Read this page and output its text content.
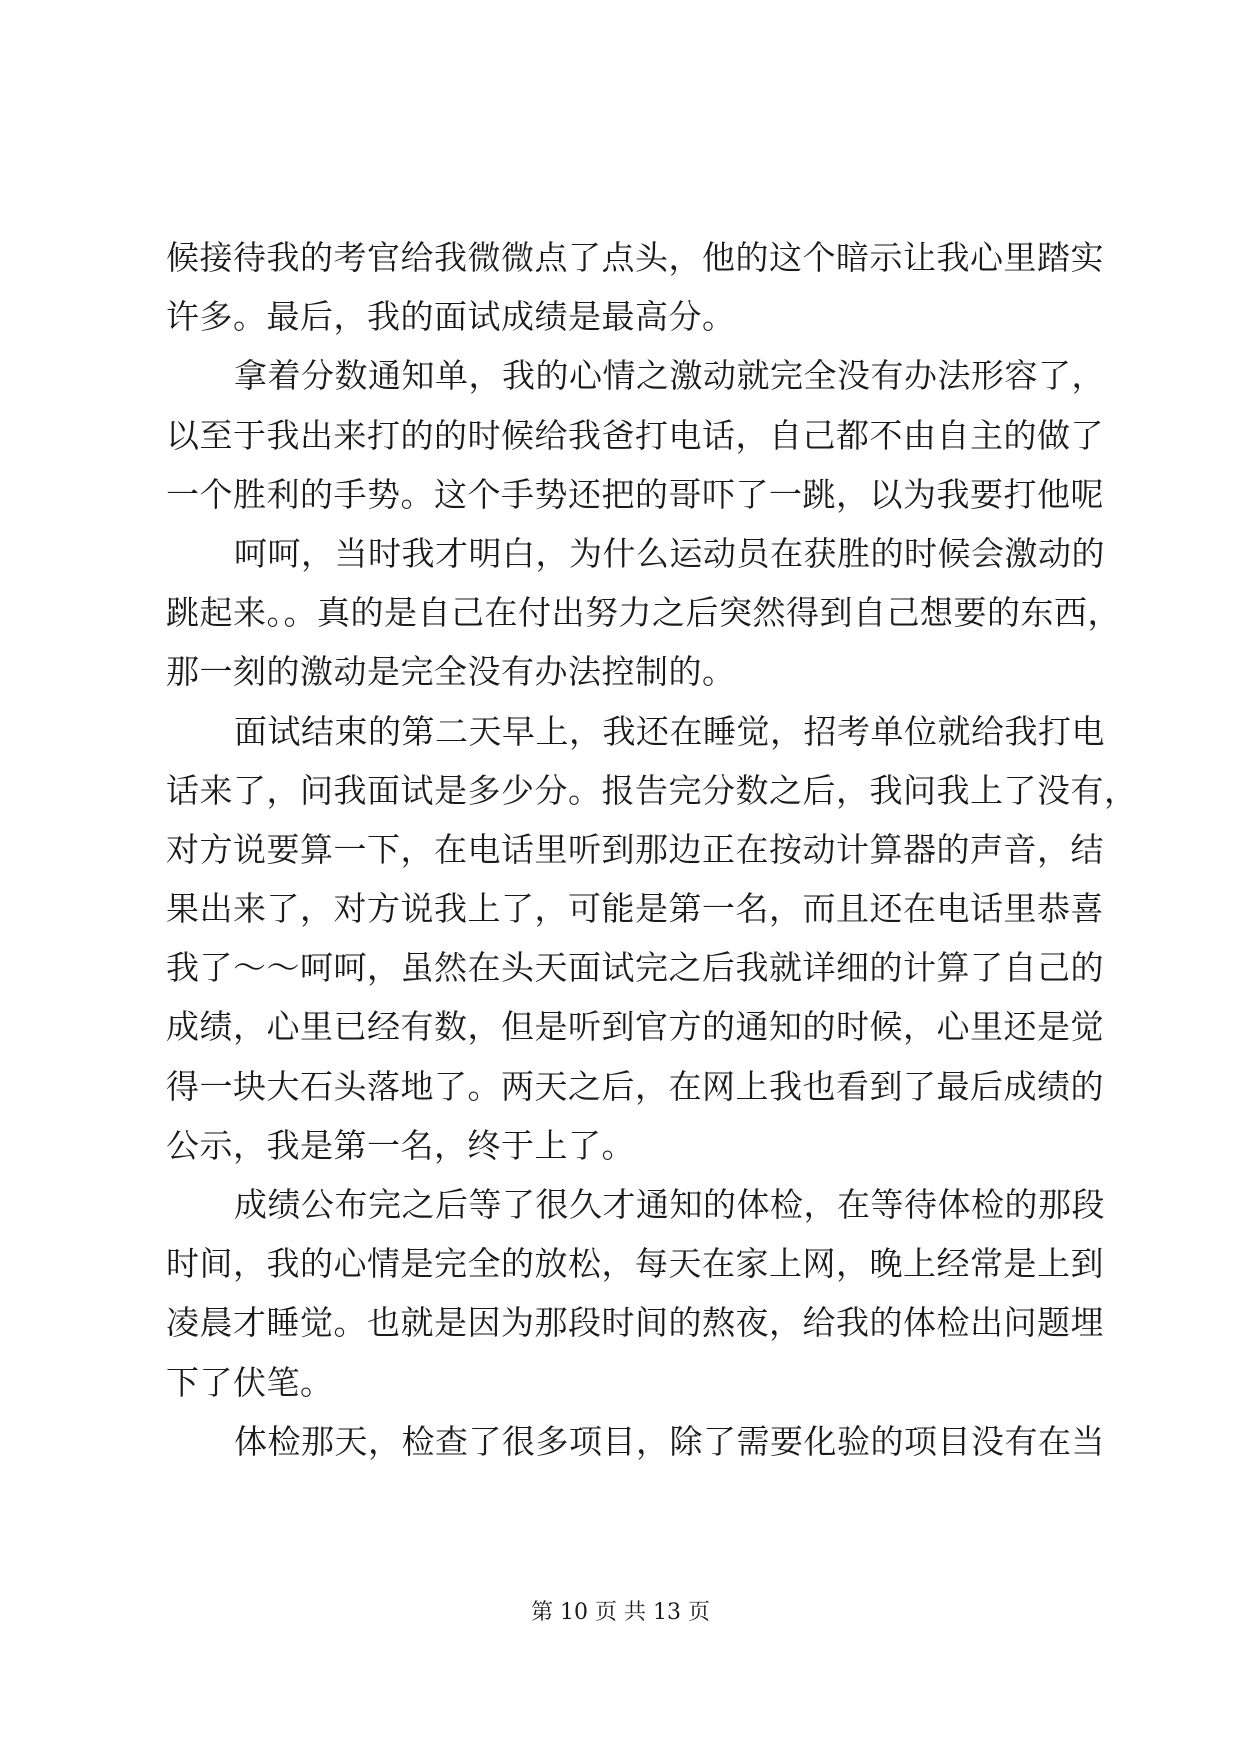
候接待我的考官给我微微点了点头，他的这个暗示让我心里踏实
许多。最后，我的面试成绩是最高分。
拿着分数通知单，我的心情之激动就完全没有办法形容了，
以至于我出来打的的时候给我爸打电话，自己都不由自主的做了
一个胜利的手势。这个手势还把的哥吓了一跳，以为我要打他呢
呵呵，当时我才明白，为什么运动员在获胜的时候会激动的
跳起来。。真的是自己在付出努力之后突然得到自己想要的东西，
那一刻的激动是完全没有办法控制的。
面试结束的第二天早上，我还在睡觉，招考单位就给我打电
话来了，问我面试是多少分。报告完分数之后，我问我上了没有，
对方说要算一下，在电话里听到那边正在按动计算器的声音，结
果出来了，对方说我上了，可能是第一名，而且还在电话里恭喜
我了～～呵呵，虽然在头天面试完之后我就详细的计算了自己的
成绩，心里已经有数，但是听到官方的通知的时候，心里还是觉
得一块大石头落地了。两天之后，在网上我也看到了最后成绩的
公示，我是第一名，终于上了。
成绩公布完之后等了很久才通知的体检，在等待体检的那段
时间，我的心情是完全的放松，每天在家上网，晚上经常是上到
凌晨才睡觉。也就是因为那段时间的熬夜，给我的体检出问题埋
下了伏笔。
体检那天，检查了很多项目，除了需要化验的项目没有在当
第 10 页 共 13 页
